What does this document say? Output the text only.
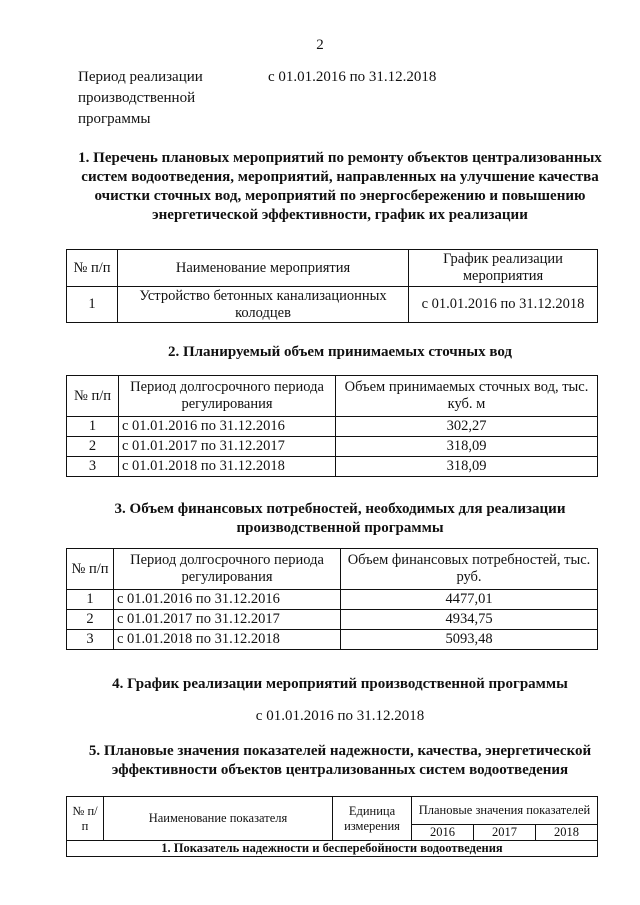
2
Период реализации производственной программы
с 01.01.2016 по 31.12.2018
1. Перечень плановых мероприятий по ремонту объектов централизованных систем водоотведения, мероприятий, направленных на улучшение качества очистки сточных вод, мероприятий по энергосбережению и повышению энергетической эффективности, график их реализации
№ п/п	Наименование мероприятия	График реализации мероприятия
1	Устройство бетонных канализационных колодцев	с 01.01.2016 по 31.12.2018
2. Планируемый объем принимаемых сточных вод
№ п/п	Период долгосрочного периода регулирования	Объем принимаемых сточных вод, тыс. куб. м
1	с 01.01.2016 по 31.12.2016	302,27
2	с 01.01.2017 по 31.12.2017	318,09
3	с 01.01.2018 по 31.12.2018	318,09
3. Объем финансовых потребностей, необходимых для реализации производственной программы
№ п/п	Период долгосрочного периода регулирования	Объем финансовых потребностей, тыс. руб.
1	с 01.01.2016 по 31.12.2016	4477,01
2	с 01.01.2017 по 31.12.2017	4934,75
3	с 01.01.2018 по 31.12.2018	5093,48
4. График реализации мероприятий производственной программы
с 01.01.2016 по 31.12.2018
5. Плановые значения показателей надежности, качества, энергетической эффективности объектов централизованных систем водоотведения
№ п/п	Наименование показателя	Единица измерения	Плановые значения показателей		
			2016	2017	2018
1. Показатель надежности и бесперебойности водоотведения					
